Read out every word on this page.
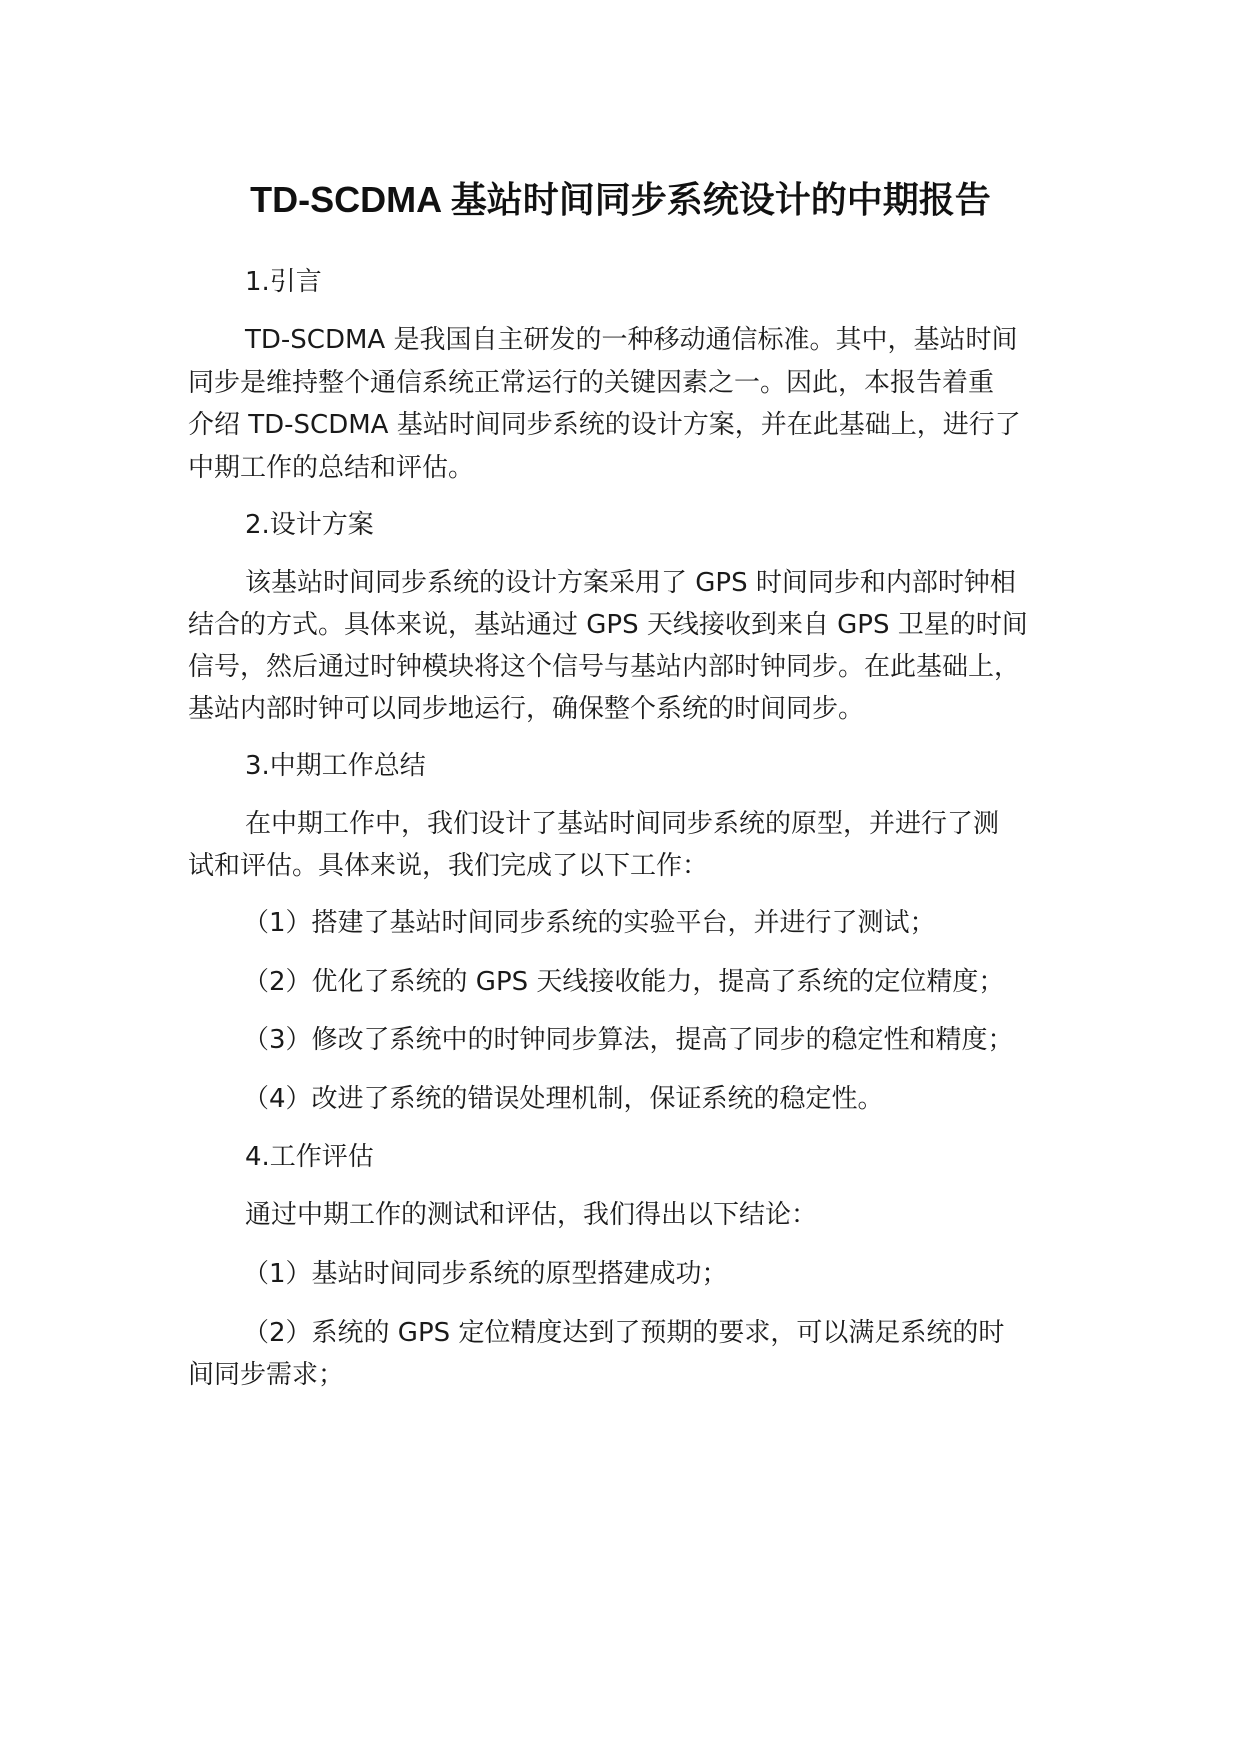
TD-SCDMA 基站时间同步系统设计的中期报告
1.引言
TD-SCDMA 是我国自主研发的一种移动通信标准。其中，基站时间
同步是维持整个通信系统正常运行的关键因素之一。因此，本报告着重
介绍 TD-SCDMA 基站时间同步系统的设计方案，并在此基础上，进行了
中期工作的总结和评估。
2.设计方案
该基站时间同步系统的设计方案采用了 GPS 时间同步和内部时钟相
结合的方式。具体来说，基站通过 GPS 天线接收到来自 GPS 卫星的时间
信号，然后通过时钟模块将这个信号与基站内部时钟同步。在此基础上，
基站内部时钟可以同步地运行，确保整个系统的时间同步。
3.中期工作总结
在中期工作中，我们设计了基站时间同步系统的原型，并进行了测
试和评估。具体来说，我们完成了以下工作：
（1）搭建了基站时间同步系统的实验平台，并进行了测试；
（2）优化了系统的 GPS 天线接收能力，提高了系统的定位精度；
（3）修改了系统中的时钟同步算法，提高了同步的稳定性和精度；
（4）改进了系统的错误处理机制，保证系统的稳定性。
4.工作评估
通过中期工作的测试和评估，我们得出以下结论：
（1）基站时间同步系统的原型搭建成功；
（2）系统的 GPS 定位精度达到了预期的要求，可以满足系统的时
间同步需求；
